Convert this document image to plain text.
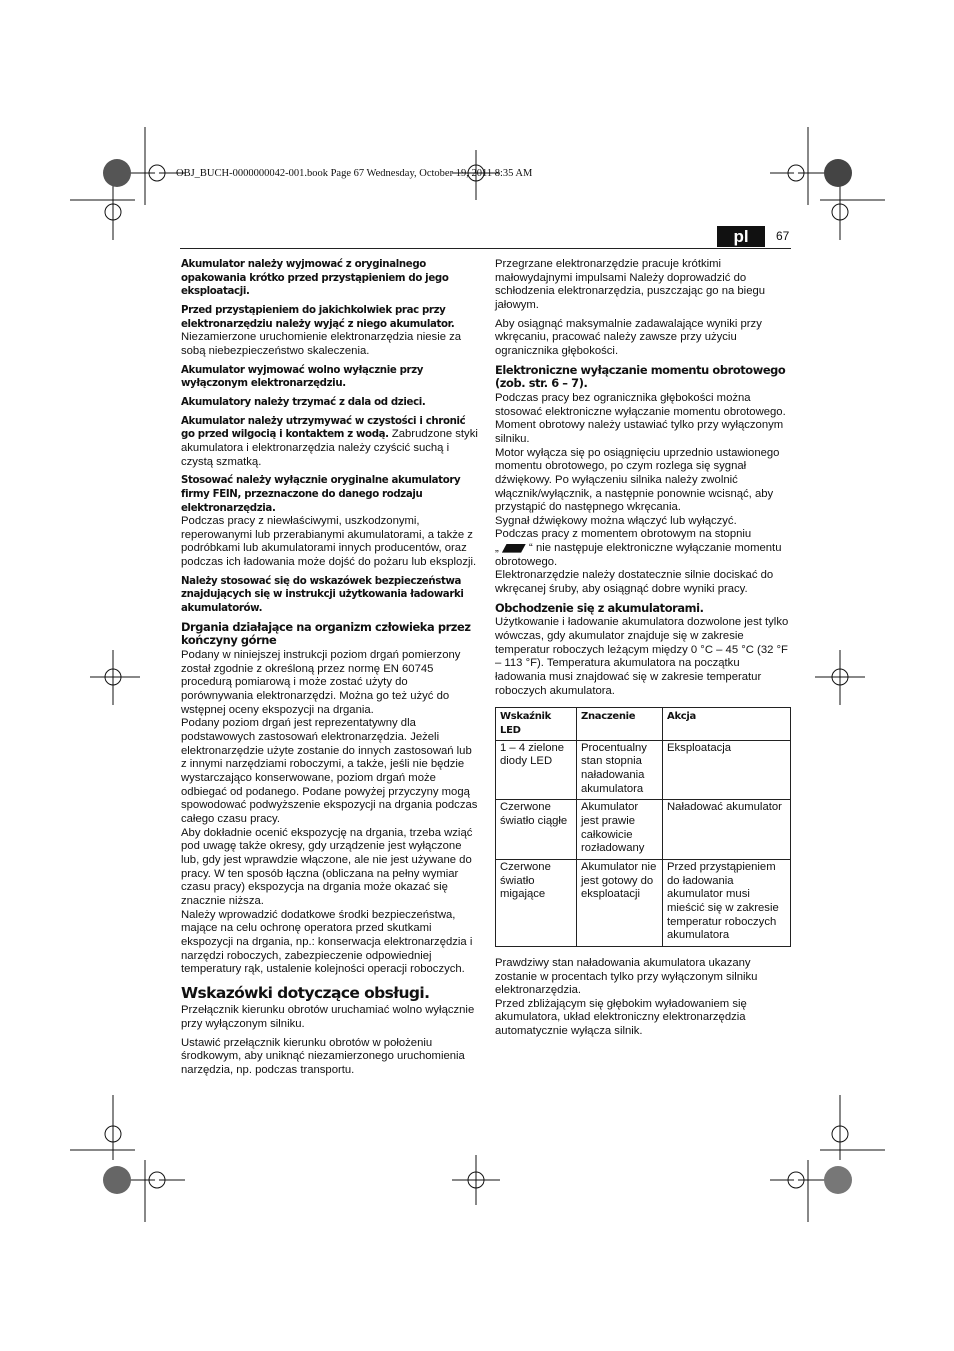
OBJ_BUCH-0000000042-001.book Page 67 Wednesday, October 19, 2011 8:35 AM
pl	67

Akumulator należy wyjmować z oryginalnego opakowania krótko przed przystąpieniem do jego eksploatacji.

Przed przystąpieniem do jakichkolwiek prac przy elektronarzędziu należy wyjąć z niego akumulator.
Niezamierzone uruchomienie elektronarzędzia niesie za sobą niebezpieczeństwo skaleczenia.

Akumulator wyjmować wolno wyłącznie przy wyłączonym elektronarzędziu.

Akumulatory należy trzymać z dala od dzieci.

Akumulator należy utrzymywać w czystości i chronić go przed wilgocią i kontaktem z wodą. Zabrudzone styki akumulatora i elektronarzędzia należy czyścić suchą i czystą szmatką.

Stosować należy wyłącznie oryginalne akumulatory firmy FEIN, przeznaczone do danego rodzaju elektronarzędzia.
Podczas pracy z niewłaściwymi, uszkodzonymi, reperowanymi lub przerabianymi akumulatorami, a także z podróbkami lub akumulatorami innych producentów, oraz podczas ich ładowania może dojść do pożaru lub eksplozji.

Należy stosować się do wskazówek bezpieczeństwa znajdujących się w instrukcji użytkowania ładowarki akumulatorów.

Drgania działające na organizm człowieka przez kończyny górne

Podany w niniejszej instrukcji poziom drgań pomierzony został zgodnie z określoną przez normę EN 60745 procedurą pomiarową i może zostać użyty do porównywania elektronarzędzi. Można go też użyć do wstępnej oceny ekspozycji na drgania.

Podany poziom drgań jest reprezentatywny dla podstawowych zastosowań elektronarzędzia. Jeżeli elektronarzędzie użyte zostanie do innych zastosowań lub z innymi narzędziami roboczymi, a także, jeśli nie będzie wystarczająco konserwowane, poziom drgań może odbiegać od podanego. Podane powyżej przyczyny mogą spowodować podwyższenie ekspozycji na drgania podczas całego czasu pracy.

Aby dokładnie ocenić ekspozycję na drgania, trzeba wziąć pod uwagę także okresy, gdy urządzenie jest wyłączone lub, gdy jest wprawdzie włączone, ale nie jest używane do pracy. W ten sposób łączna (obliczana na pełny wymiar czasu pracy) ekspozycja na drgania może okazać się znacznie niższa.

Należy wprowadzić dodatkowe środki bezpieczeństwa, mające na celu ochronę operatora przed skutkami ekspozycji na drgania, np.: konserwacja elektronarzędzia i narzędzi roboczych, zabezpieczenie odpowiedniej temperatury rąk, ustalenie kolejności operacji roboczych.

Wskazówki dotyczące obsługi.

Przełącznik kierunku obrotów uruchamiać wolno wyłącznie przy wyłączonym silniku.

Ustawić przełącznik kierunku obrotów w położeniu środkowym, aby uniknąć niezamierzonego uruchomienia narzędzia, np. podczas transportu.

Przegrzane elektronarzędzie pracuje krótkimi małowydajnymi impulsami Należy doprowadzić do schłodzenia elektronarzędzia, puszczając go na biegu jałowym.

Aby osiągnąć maksymalnie zadawalające wyniki przy wkręcaniu, pracować należy zawsze przy użyciu ogranicznika głębokości.

Elektroniczne wyłączanie momentu obrotowego (zob. str. 6 – 7).

Podczas pracy bez ogranicznika głębokości można stosować elektroniczne wyłączanie momentu obrotowego.

Moment obrotowy należy ustawiać tylko przy wyłączonym silniku.

Motor wyłącza się po osiągnięciu uprzednio ustawionego momentu obrotowego, po czym rozlega się sygnał dźwiękowy. Po wyłączeniu silnika należy zwolnić włącznik/wyłącznik, a następnie ponownie wcisnąć, aby przystąpić do następnego wkręcania.

Sygnał dźwiękowy można włączyć lub wyłączyć.

Podczas pracy z momentem obrotowym na stopniu
„	“ nie następuje elektroniczne wyłączanie momentu obrotowego.

Elektronarzędzie należy dostatecznie silnie dociskać do wkręcanej śruby, aby osiągnąć dobre wyniki pracy.

Obchodzenie się z akumulatorami.

Użytkowanie i ładowanie akumulatora dozwolone jest tylko wówczas, gdy akumulator znajduje się w zakresie temperatur roboczych leżącym między 0 °C – 45 °C (32 °F – 113 °F). Temperatura akumulatora na początku ładowania musi znajdować się w zakresie temperatur roboczych akumulatora.

Wskaźnik LED	Znaczenie	Akcja
1 – 4 zielone diody LED	Procentualny stan stopnia naładowania akumulatora	Eksploatacja
Czerwone światło ciągłe	Akumulator jest prawie całkowicie rozładowany	Naładować akumulator
Czerwone światło migające	Akumulator nie jest gotowy do eksploatacji	Przed przystąpieniem do ładowania akumulator musi mieścić się w zakresie temperatur roboczych akumulatora

Prawdziwy stan naładowania akumulatora ukazany zostanie w procentach tylko przy wyłączonym silniku elektronarzędzia.

Przed zbliżającym się głębokim wyładowaniem się akumulatora, układ elektroniczny elektronarzędzia automatycznie wyłącza silnik.
